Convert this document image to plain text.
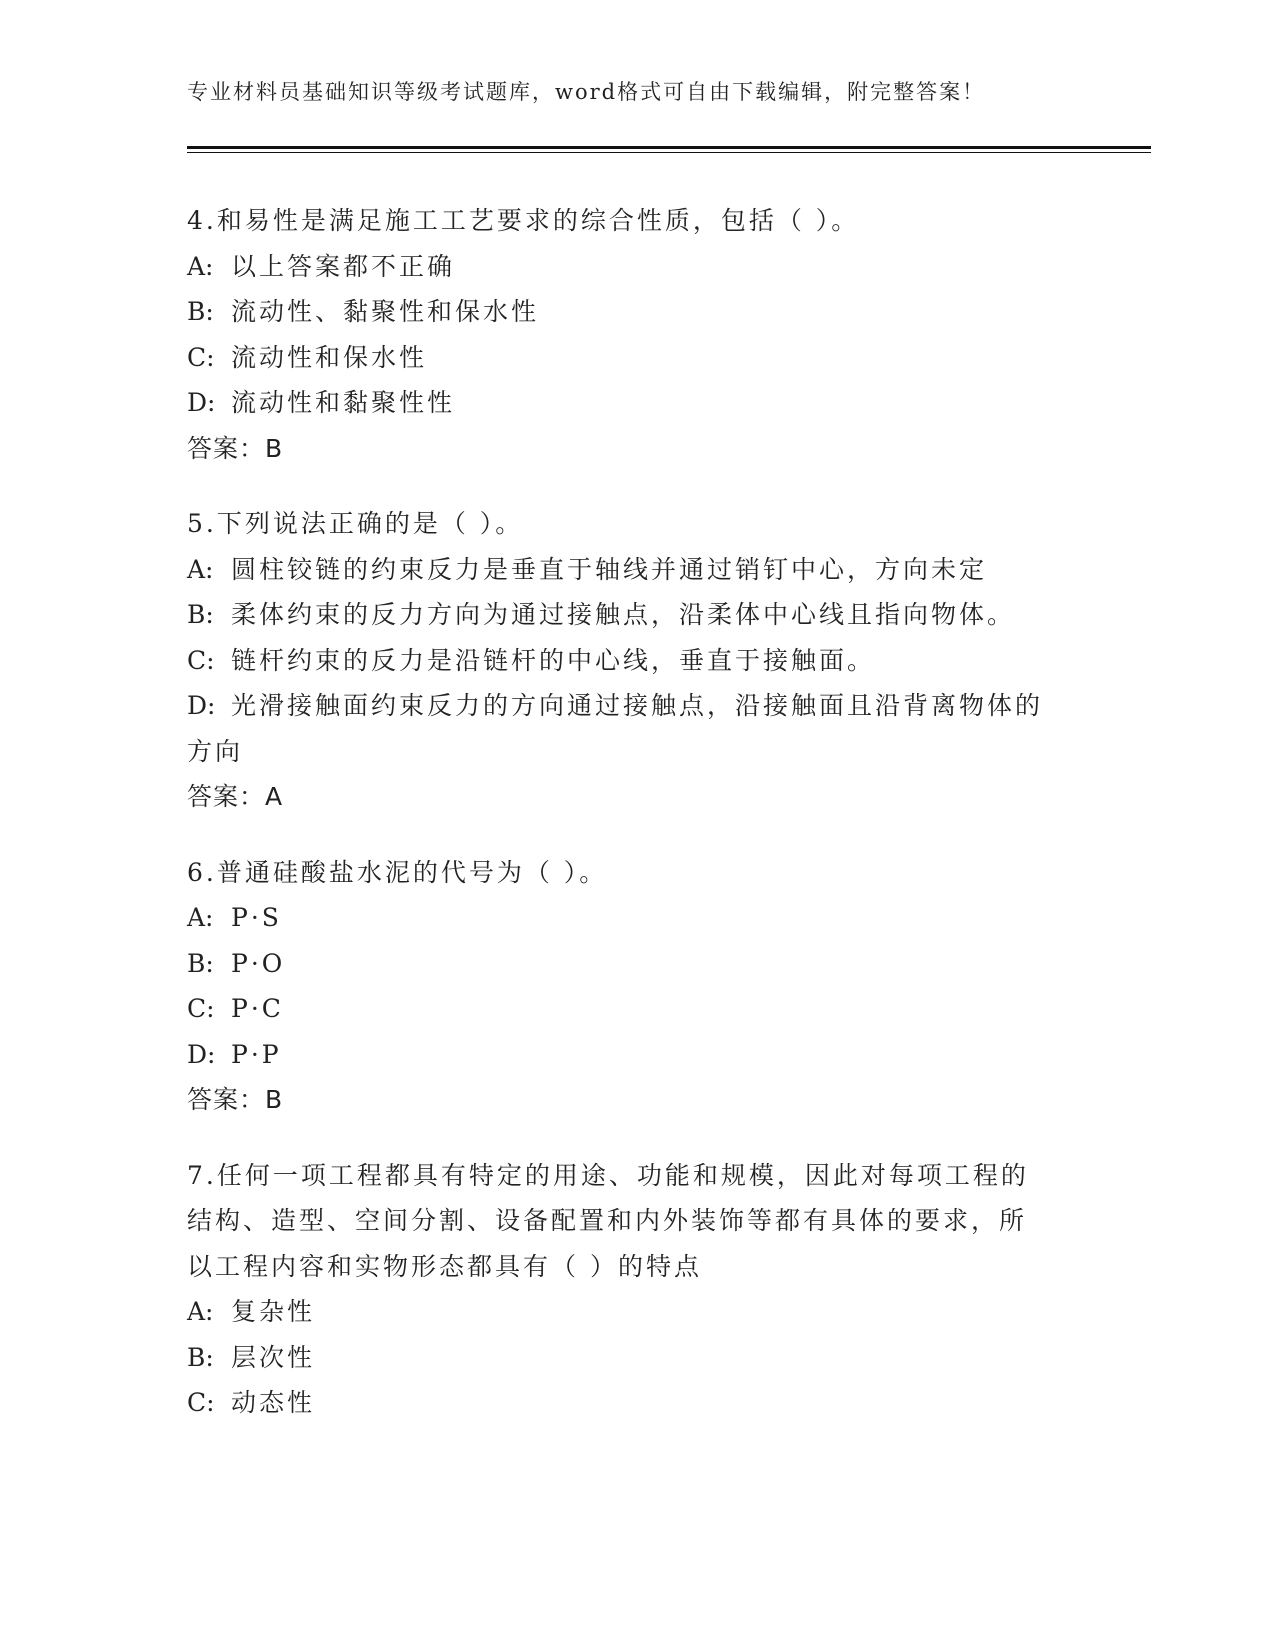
专业材料员基础知识等级考试题库，word格式可自由下载编辑，附完整答案！
4.和易性是满足施工工艺要求的综合性质，包括（ ）。
A: 以上答案都不正确
B: 流动性、黏聚性和保水性
C: 流动性和保水性
D: 流动性和黏聚性性
答案：B
5.下列说法正确的是（ ）。
A: 圆柱铰链的约束反力是垂直于轴线并通过销钉中心，方向未定
B: 柔体约束的反力方向为通过接触点，沿柔体中心线且指向物体。
C: 链杆约束的反力是沿链杆的中心线，垂直于接触面。
D: 光滑接触面约束反力的方向通过接触点，沿接触面且沿背离物体的
方向
答案：A
6.普通硅酸盐水泥的代号为（ ）。
A: P·S
B: P·O
C: P·C
D: P·P
答案：B
7.任何一项工程都具有特定的用途、功能和规模，因此对每项工程的
结构、造型、空间分割、设备配置和内外装饰等都有具体的要求，所
以工程内容和实物形态都具有（ ）的特点
A: 复杂性
B: 层次性
C: 动态性
